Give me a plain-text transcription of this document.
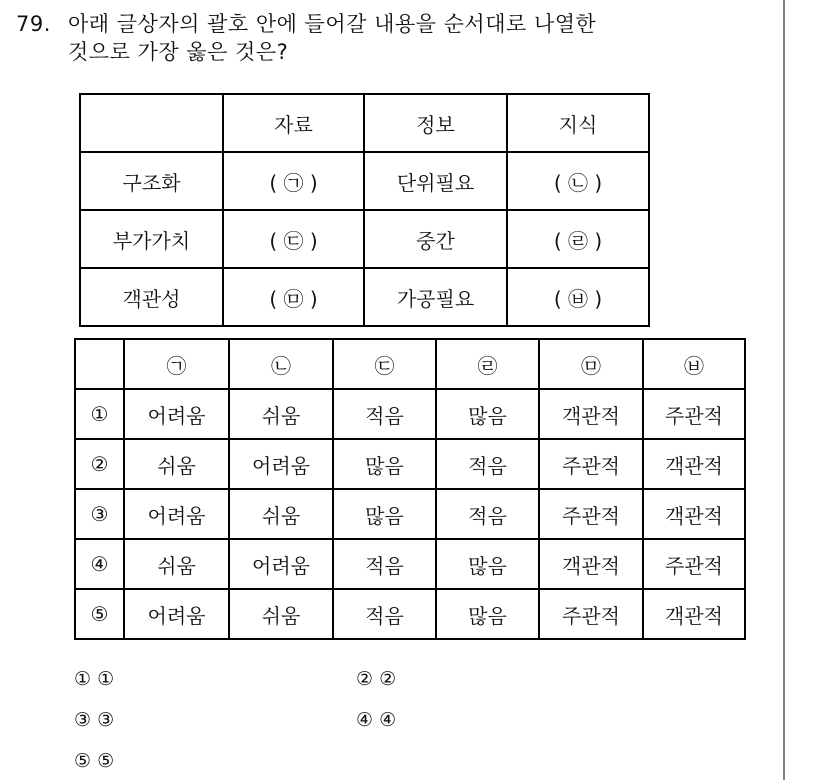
79. 아래 글상자의 괄호 안에 들어갈 내용을 순서대로 나열한
것으로 가장 옳은 것은?
	자료	정보	지식
구조화	( ㉠ )	단위필요	( ㉡ )
부가가치	( ㉢ )	중간	( ㉣ )
객관성	( ㉤ )	가공필요	( ㉥ )
	㉠	㉡	㉢	㉣	㉤	㉥
①	어려움	쉬움	적음	많음	객관적	주관적
②	쉬움	어려움	많음	적음	주관적	객관적
③	어려움	쉬움	많음	적음	주관적	객관적
④	쉬움	어려움	적음	많음	객관적	주관적
⑤	어려움	쉬움	적음	많음	주관적	객관적
① ①	② ②
③ ③	④ ④
⑤ ⑤
